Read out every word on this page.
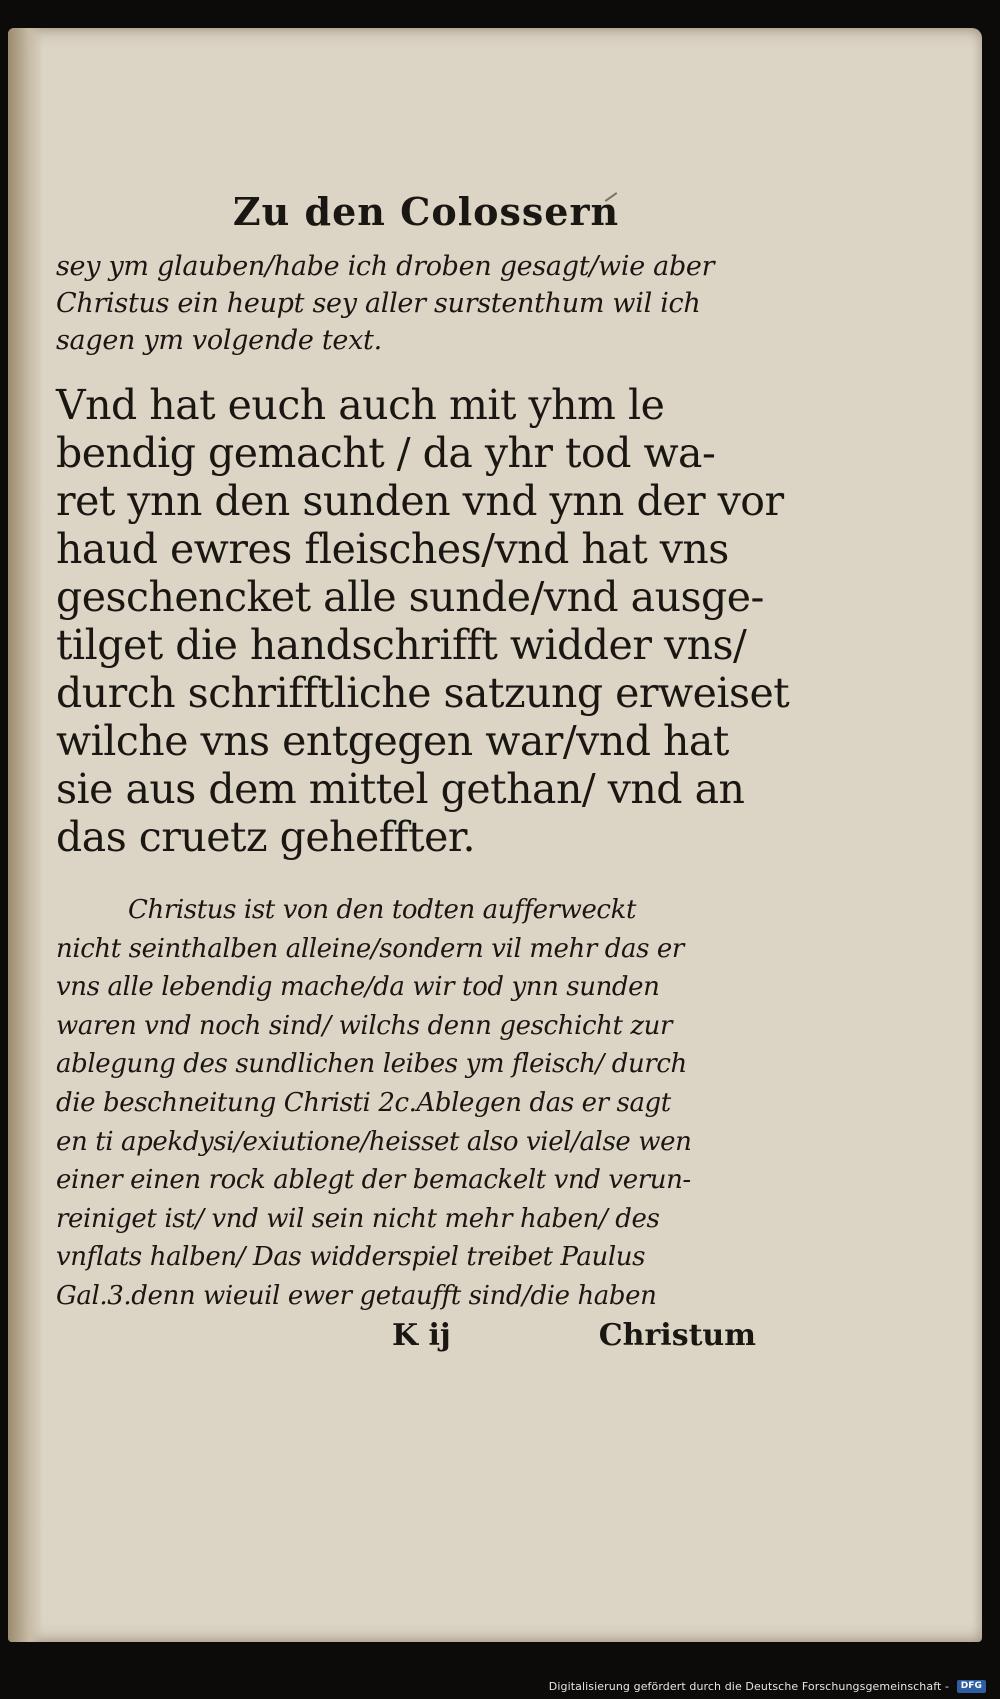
Zu den Colossern
sey ym glauben/habe ich droben gesagt/wie aber
Christus ein heupt sey aller surstenthum wil ich
sagen ym volgende text.
Vnd hat euch auch mit yhm le
bendig gemacht / da yhr tod wa-
ret ynn den sunden vnd ynn der vor
haud ewres fleisches/vnd hat vns
geschencket alle sunde/vnd ausge-
tilget die handschrifft widder vns/
durch schrifftliche satzung erweiset
wilche vns entgegen war/vnd hat
sie aus dem mittel gethan/ vnd an
das cruetz geheffter.
Christus ist von den todten aufferweckt
nicht seinthalben alleine/sondern vil mehr das er
vns alle lebendig mache/da wir tod ynn sunden
waren vnd noch sind/ wilchs denn geschicht zur
ablegung des sundlichen leibes ym fleisch/ durch
die beschneitung Christi 2c.Ablegen das er sagt
en ti apekdysi/exiutione/heisset also viel/alse wen
einer einen rock ablegt der bemackelt vnd verun-
reiniget ist/ vnd wil sein nicht mehr haben/ des
vnflats halben/ Das widderspiel treibet Paulus
Gal.3.denn wieuil ewer getaufft sind/die haben
K ij	Christum
Digitalisierung gefördert durch die Deutsche Forschungsgemeinschaft - DFG
